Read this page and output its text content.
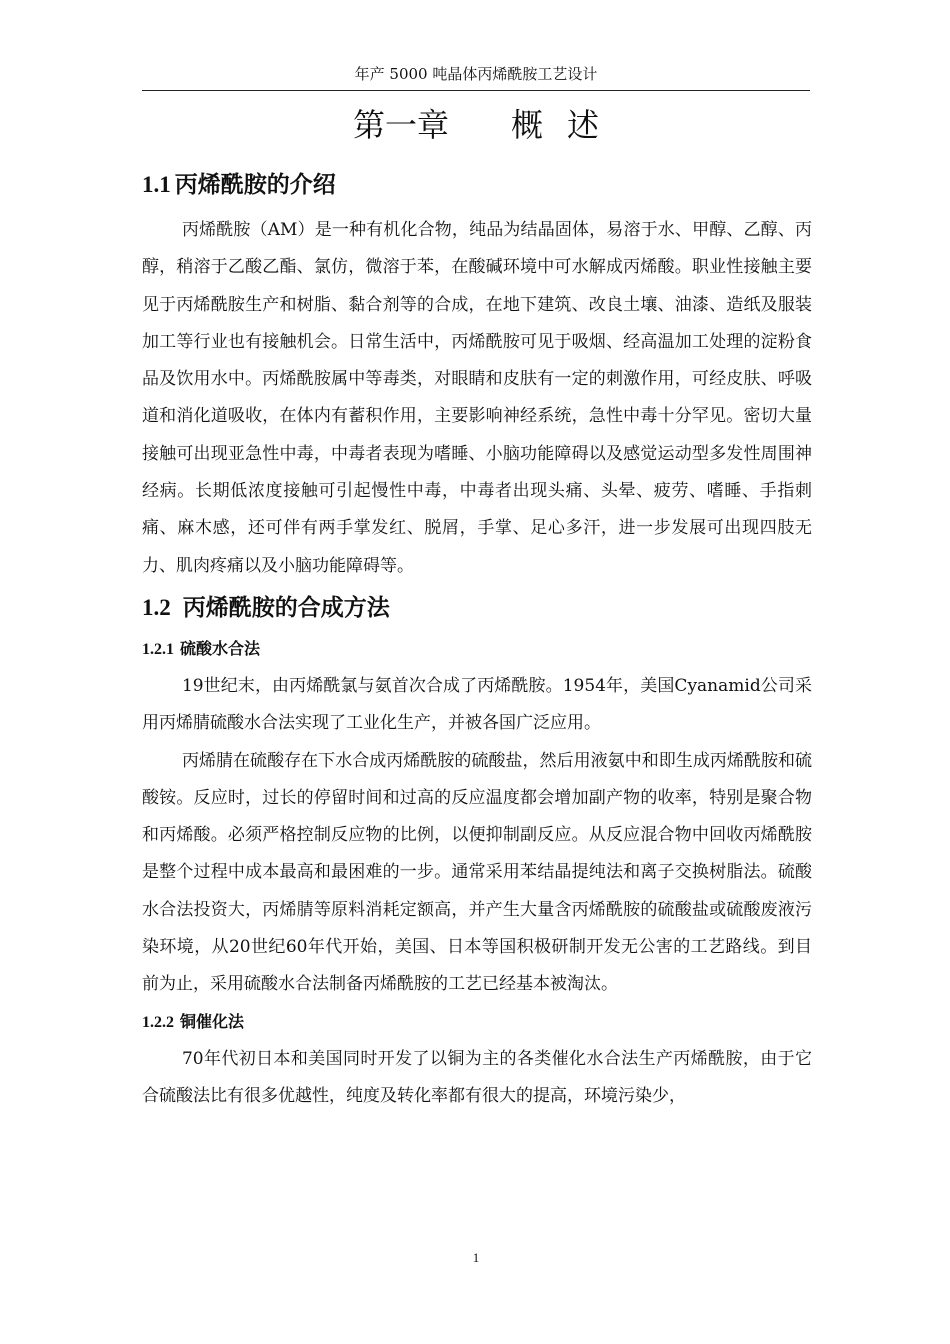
年产 5000 吨晶体丙烯酰胺工艺设计
第一章 概 述
1.1 丙烯酰胺的介绍

丙烯酰胺（AM）是一种有机化合物，纯品为结晶固体，易溶于水、甲醇、乙醇、丙醇，稍溶于乙酸乙酯、氯仿，微溶于苯，在酸碱环境中可水解成丙烯酸。职业性接触主要见于丙烯酰胺生产和树脂、黏合剂等的合成，在地下建筑、改良土壤、油漆、造纸及服装加工等行业也有接触机会。日常生活中，丙烯酰胺可见于吸烟、经高温加工处理的淀粉食品及饮用水中。丙烯酰胺属中等毒类，对眼睛和皮肤有一定的刺激作用，可经皮肤、呼吸道和消化道吸收，在体内有蓄积作用，主要影响神经系统，急性中毒十分罕见。密切大量接触可出现亚急性中毒，中毒者表现为嗜睡、小脑功能障碍以及感觉运动型多发性周围神经病。长期低浓度接触可引起慢性中毒，中毒者出现头痛、头晕、疲劳、嗜睡、手指刺痛、麻木感，还可伴有两手掌发红、脱屑，手掌、足心多汗，进一步发展可出现四肢无力、肌肉疼痛以及小脑功能障碍等。

1.2 丙烯酰胺的合成方法
1.2.1 硫酸水合法

19世纪末，由丙烯酰氯与氨首次合成了丙烯酰胺。1954年，美国Cyanamid公司采用丙烯腈硫酸水合法实现了工业化生产，并被各国广泛应用。

丙烯腈在硫酸存在下水合成丙烯酰胺的硫酸盐，然后用液氨中和即生成丙烯酰胺和硫酸铵。反应时，过长的停留时间和过高的反应温度都会增加副产物的收率，特别是聚合物和丙烯酸。必须严格控制反应物的比例，以便抑制副反应。从反应混合物中回收丙烯酰胺是整个过程中成本最高和最困难的一步。通常采用苯结晶提纯法和离子交换树脂法。硫酸水合法投资大，丙烯腈等原料消耗定额高，并产生大量含丙烯酰胺的硫酸盐或硫酸废液污染环境，从20世纪60年代开始，美国、日本等国积极研制开发无公害的工艺路线。到目前为止，采用硫酸水合法制备丙烯酰胺的工艺已经基本被淘汰。

1.2.2 铜催化法

70年代初日本和美国同时开发了以铜为主的各类催化水合法生产丙烯酰胺，由于它合硫酸法比有很多优越性，纯度及转化率都有很大的提高，环境污染少，

1
